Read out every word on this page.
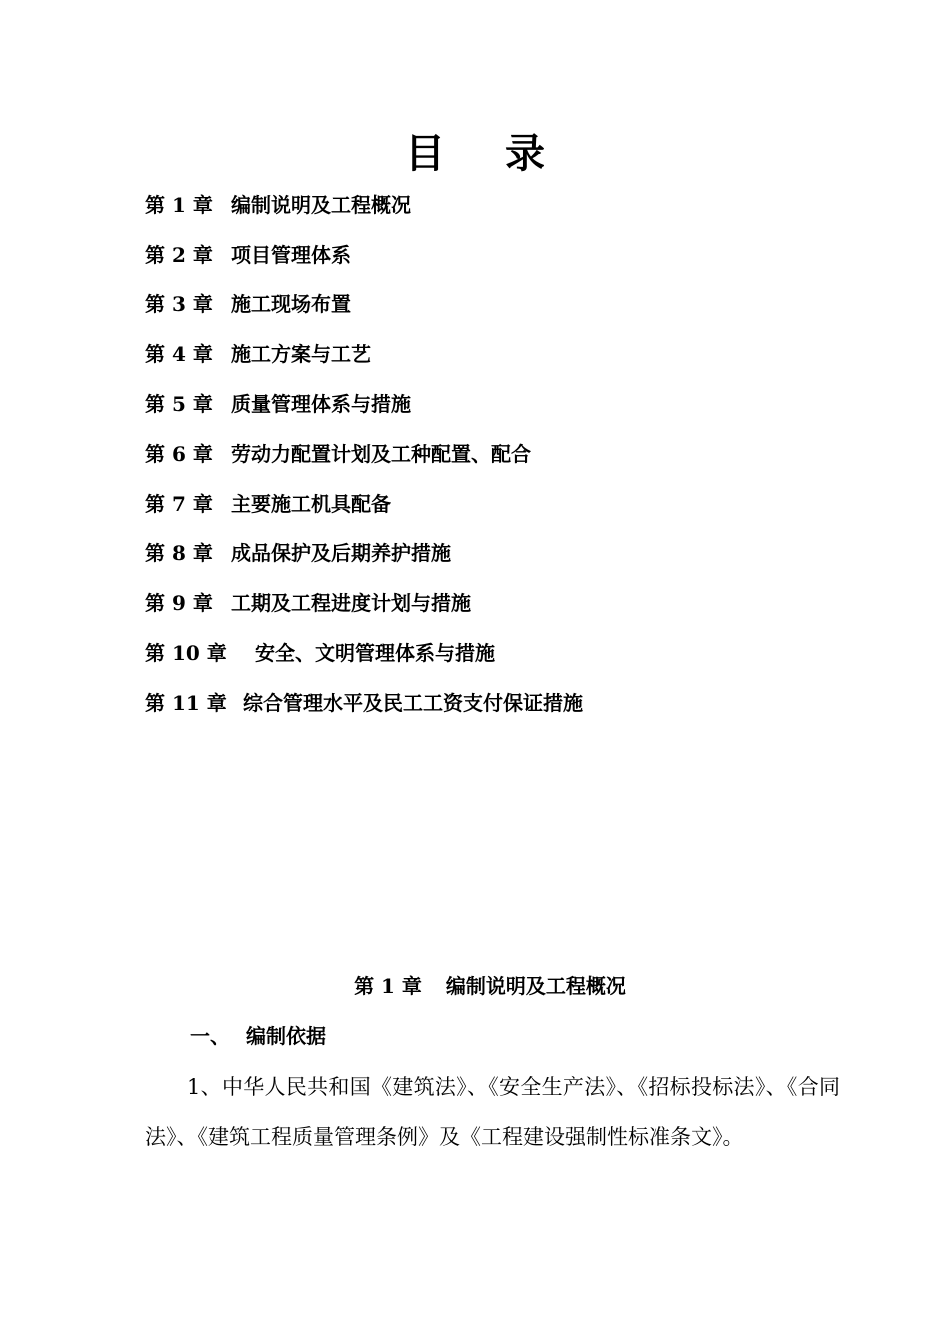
目 录
第 1 章 编制说明及工程概况
第 2 章 项目管理体系
第 3 章 施工现场布置
第 4 章 施工方案与工艺
第 5 章 质量管理体系与措施
第 6 章 劳动力配置计划及工种配置、配合
第 7 章 主要施工机具配备
第 8 章 成品保护及后期养护措施
第 9 章 工期及工程进度计划与措施
第 10 章	安全、文明管理体系与措施
第 11 章 综合管理水平及民工工资支付保证措施
第 1 章 编制说明及工程概况
一、 编制依据

1、中华人民共和国《建筑法》、《安全生产法》、《招标投标法》、《合同法》、《建筑工程质量管理条例》及《工程建设强制性标准条文》。
